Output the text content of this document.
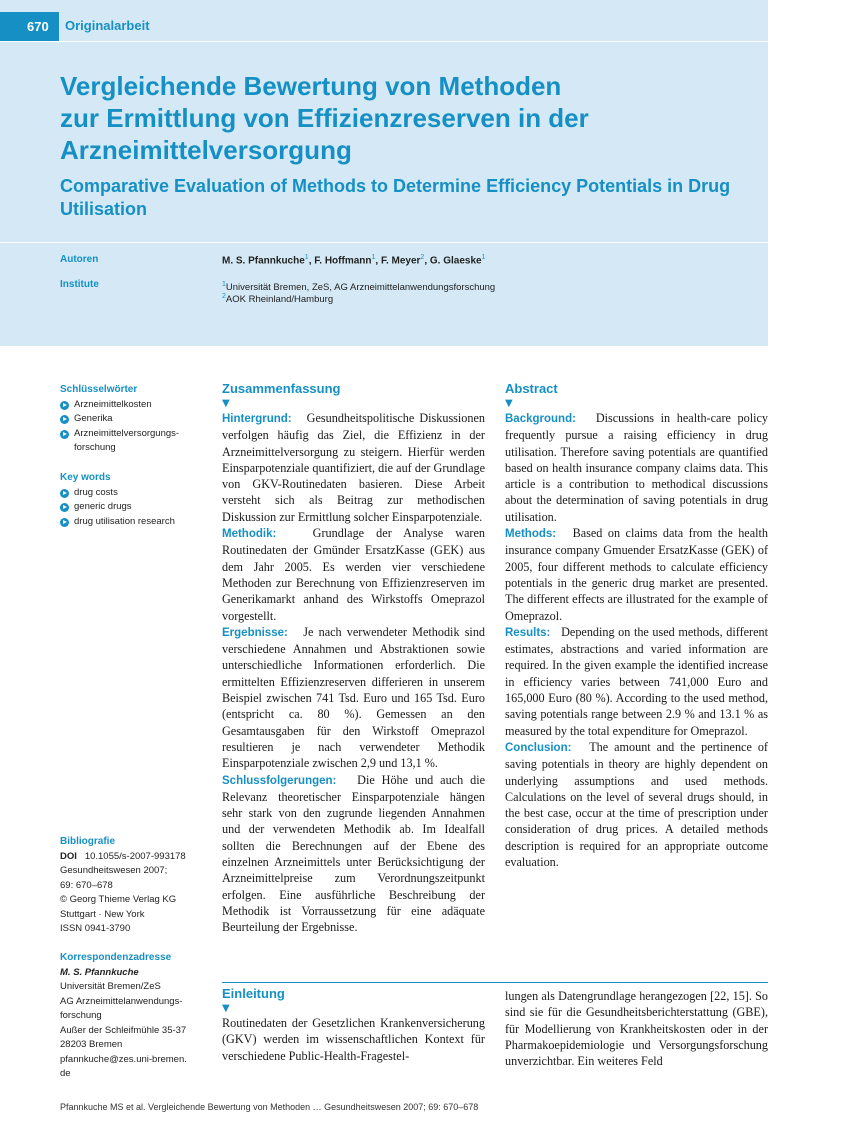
670	Originalarbeit
Vergleichende Bewertung von Methoden
zur Ermittlung von Effizienzreserven in der
Arzneimittelversorgung
Comparative Evaluation of Methods to Determine Efficiency Potentials in Drug Utilisation
Autoren	M. S. Pfannkuche$^1$, F. Hoffmann$^1$, F. Meyer$^2$, G. Glaeske$^1$
Institute	$^1$Universität Bremen, ZeS, AG Arzneimittelanwendungsforschung
$^2$AOK Rheinland/Hamburg
Schlüsselwörter
Arzneimittelkosten
Generika
Arzneimittelversorgungs-
forschung
Key words
drug costs
generic drugs
drug utilisation research
Bibliografie
DOI 10.1055/s-2007-993178
Gesundheitswesen 2007;
69: 670–678
© Georg Thieme Verlag KG
Stuttgart · New York
ISSN 0941-3790
Korrespondenzadresse
M. S. Pfannkuche
Universität Bremen/ZeS
AG Arzneimittelanwendungs-
forschung
Außer der Schleifmühle 35-37
28203 Bremen
pfannkuche@zes.uni-bremen.
de
Zusammenfassung
▼

Hintergrund: Gesundheitspolitische Diskussionen verfolgen häufig das Ziel, die Effizienz in der Arzneimittelversorgung zu steigern. Hierfür werden Einsparpotenziale quantifiziert, die auf der Grundlage von GKV-Routinedaten basieren. Diese Arbeit versteht sich als Beitrag zur methodischen Diskussion zur Ermittlung solcher Einsparpotenziale.

Methodik:	Grundlage der Analyse waren Routinedaten der Gmünder ErsatzKasse (GEK) aus dem Jahr 2005. Es werden vier verschiedene Methoden zur Berechnung von Effizienzreserven im Generikamarkt anhand des Wirkstoffs Omeprazol vorgestellt.

Ergebnisse: Je nach verwendeter Methodik sind verschiedene Annahmen und Abstraktionen sowie unterschiedliche Informationen erforderlich. Die ermittelten Effizienzreserven differieren in unserem Beispiel zwischen 741 Tsd. Euro und 165 Tsd. Euro (entspricht ca. 80 %). Gemessen an den Gesamtausgaben für den Wirkstoff Omeprazol resultieren je nach verwendeter Methodik Einsparpotenziale zwischen 2,9 und 13,1 %.

Schlussfolgerungen: Die Höhe und auch die Relevanz theoretischer Einsparpotenziale hängen sehr stark von den zugrunde liegenden Annahmen und der verwendeten Methodik ab. Im Idealfall sollten die Berechnungen auf der Ebene des einzelnen Arzneimittels unter Berücksichtigung der Arzneimittelpreise zum Verordnungszeitpunkt erfolgen. Eine ausführliche Beschreibung der Methodik ist Vorraussetzung für eine adäquate Beurteilung der Ergebnisse.

Abstract
▼

Background: Discussions in health-care policy frequently pursue a raising efficiency in drug utilisation. Therefore saving potentials are quantified based on health insurance company claims data. This article is a contribution to methodical discussions about the determination of saving potentials in drug utilisation.

Methods: Based on claims data from the health insurance company Gmuender ErsatzKasse (GEK) of 2005, four different methods to calculate efficiency potentials in the generic drug market are presented. The different effects are illustrated for the example of Omeprazol.

Results: Depending on the used methods, different estimates, abstractions and varied information are required. In the given example the identified increase in efficiency varies between 741,000 Euro and 165,000 Euro (80 %). According to the used method, saving potentials range between 2.9 % and 13.1 % as measured by the total expenditure for Omeprazol.

Conclusion: The amount and the pertinence of saving potentials in theory are highly dependent on underlying assumptions and used methods. Calculations on the level of several drugs should, in the best case, occur at the time of prescription under consideration of drug prices. A detailed methods description is required for an appropriate outcome evaluation.

Einleitung
▼

Routinedaten der Gesetzlichen Krankenversicherung (GKV) werden im wissenschaftlichen Kontext für verschiedene Public-Health-Fragestel-

lungen als Datengrundlage herangezogen [22, 15]. So sind sie für die Gesundheitsberichterstattung (GBE), für Modellierung von Krankheitskosten oder in der Pharmakoepidemiologie und Versorgungsforschung unverzichtbar. Ein weiteres Feld

Pfannkuche MS et al. Vergleichende Bewertung von Methoden … Gesundheitswesen 2007; 69: 670–678
